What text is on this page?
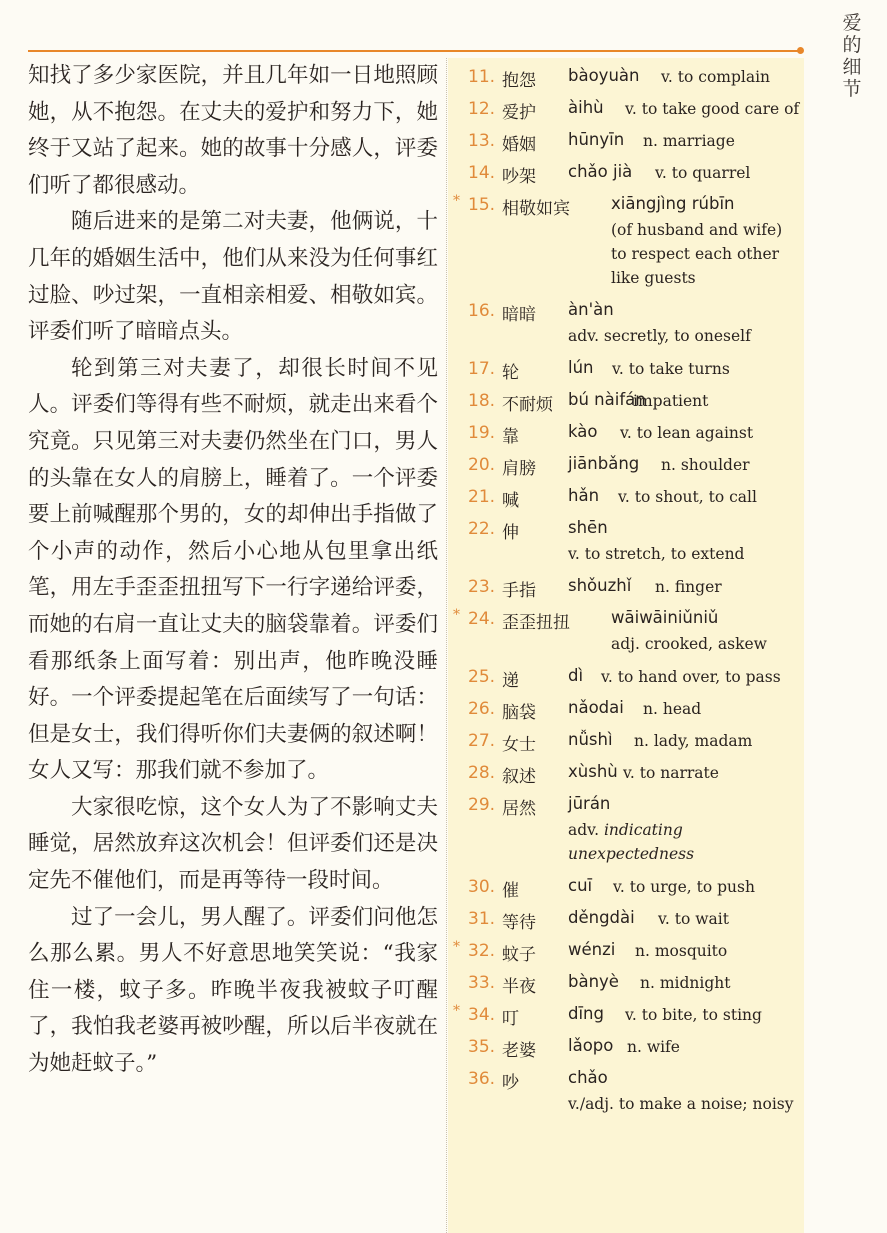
爱的细节

知找了多少家医院，并且几年如一日地照顾她，从不抱怨。在丈夫的爱护和努力下，她终于又站了起来。她的故事十分感人，评委们听了都很感动。

随后进来的是第二对夫妻，他俩说，十几年的婚姻生活中，他们从来没为任何事红过脸、吵过架，一直相亲相爱、相敬如宾。评委们听了暗暗点头。

轮到第三对夫妻了，却很长时间不见人。评委们等得有些不耐烦，就走出来看个究竟。只见第三对夫妻仍然坐在门口，男人的头靠在女人的肩膀上，睡着了。一个评委要上前喊醒那个男的，女的却伸出手指做了个小声的动作，然后小心地从包里拿出纸笔，用左手歪歪扭扭写下一行字递给评委，而她的右肩一直让丈夫的脑袋靠着。评委们看那纸条上面写着：别出声，他昨晚没睡好。一个评委提起笔在后面续写了一句话：但是女士，我们得听你们夫妻俩的叙述啊！女人又写：那我们就不参加了。

大家很吃惊，这个女人为了不影响丈夫睡觉，居然放弃这次机会！但评委们还是决定先不催他们，而是再等待一段时间。

过了一会儿，男人醒了。评委们问他怎么那么累。男人不好意思地笑笑说：“我家住一楼，蚊子多。昨晚半夜我被蚊子叮醒了，我怕我老婆再被吵醒，所以后半夜就在为她赶蚊子。”

11. 抱怨 bàoyuàn v. to complain
12. 爱护 àihù v. to take good care of
13. 婚姻 hūnyīn n. marriage
14. 吵架 chǎo jià v. to quarrel
* 15. 相敬如宾 xiāngjìng rúbīn
(of husband and wife)
to respect each other
like guests
16. 暗暗 àn'àn
adv. secretly, to oneself
17. 轮	lún v. to take turns
18. 不耐烦 bú nàifán
impatient
19. 靠	kào v. to lean against
20. 肩膀 jiānbǎng n. shoulder
21. 喊	hǎn v. to shout, to call
22. 伸	shēn
v. to stretch, to extend
23. 手指 shǒuzhǐ n. finger
* 24. 歪歪扭扭 wāiwāiniǔniǔ
adj. crooked, askew
25. 递	dì v. to hand over, to pass
26. 脑袋 nǎodai n. head
27. 女士 nǚshì n. lady, madam
28. 叙述 xùshù v. to narrate
29. 居然 jūrán
adv. indicating unexpectedness
30. 催	cuī v. to urge, to push
31. 等待 děngdài v. to wait
* 32. 蚊子 wénzi n. mosquito
33. 半夜 bànyè n. midnight
* 34. 叮	dīng v. to bite, to sting
35. 老婆 lǎopo n. wife
36. 吵	chǎo
v./adj. to make a noise; noisy
